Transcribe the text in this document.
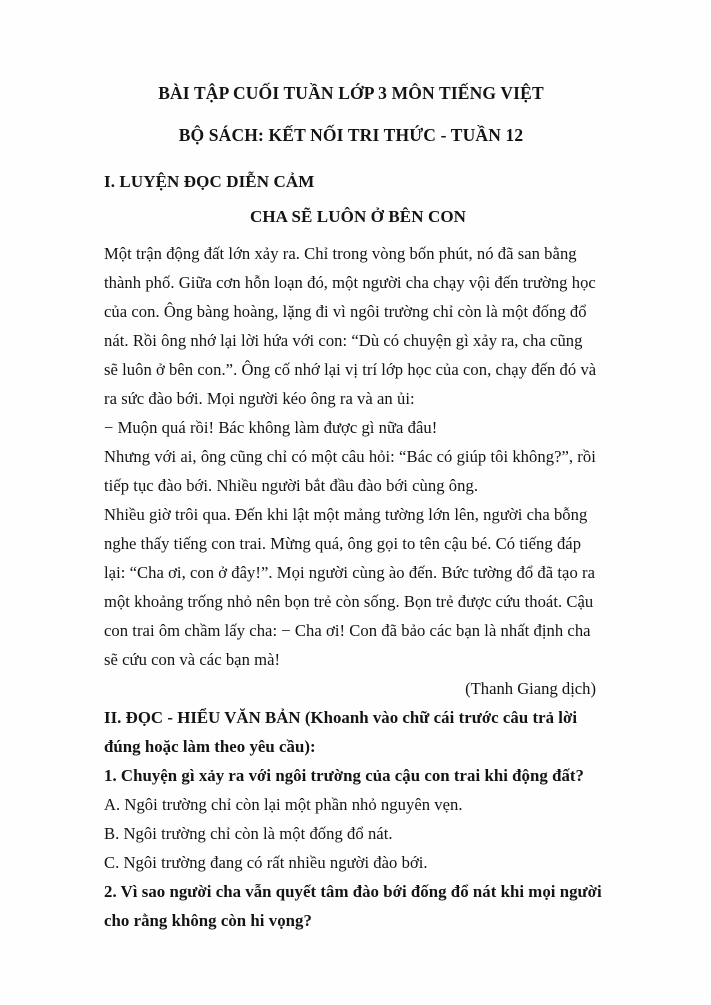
BÀI TẬP CUỐI TUẦN LỚP 3 MÔN TIẾNG VIỆT
BỘ SÁCH: KẾT NỐI TRI THỨC - TUẦN 12
I. LUYỆN ĐỌC DIỄN CẢM
CHA SẼ LUÔN Ở BÊN CON
Một trận động đất lớn xảy ra. Chỉ trong vòng bốn phút, nó đã san bằng
thành phố. Giữa cơn hỗn loạn đó, một người cha chạy vội đến trường học
của con. Ông bàng hoàng, lặng đi vì ngôi trường chỉ còn là một đống đổ
nát. Rồi ông nhớ lại lời hứa với con: “Dù có chuyện gì xảy ra, cha cũng
sẽ luôn ở bên con.”. Ông cố nhớ lại vị trí lớp học của con, chạy đến đó và
ra sức đào bới. Mọi người kéo ông ra và an ủi:
− Muộn quá rồi! Bác không làm được gì nữa đâu!
Nhưng với ai, ông cũng chỉ có một câu hỏi: “Bác có giúp tôi không?”, rồi
tiếp tục đào bới. Nhiều người bắt đầu đào bới cùng ông.
Nhiều giờ trôi qua. Đến khi lật một mảng tường lớn lên, người cha bỗng
nghe thấy tiếng con trai. Mừng quá, ông gọi to tên cậu bé. Có tiếng đáp
lại: “Cha ơi, con ở đây!”. Mọi người cùng ào đến. Bức tường đổ đã tạo ra
một khoảng trống nhỏ nên bọn trẻ còn sống. Bọn trẻ được cứu thoát. Cậu
con trai ôm chầm lấy cha: − Cha ơi! Con đã bảo các bạn là nhất định cha
sẽ cứu con và các bạn mà!
(Thanh Giang dịch)
II. ĐỌC - HIỂU VĂN BẢN (Khoanh vào chữ cái trước câu trả lời
đúng hoặc làm theo yêu cầu):
1. Chuyện gì xảy ra với ngôi trường của cậu con trai khi động đất?
A. Ngôi trường chỉ còn lại một phần nhỏ nguyên vẹn.
B. Ngôi trường chỉ còn là một đống đổ nát.
C. Ngôi trường đang có rất nhiều người đào bới.
2. Vì sao người cha vẫn quyết tâm đào bới đống đổ nát khi mọi người
cho rằng không còn hi vọng?
